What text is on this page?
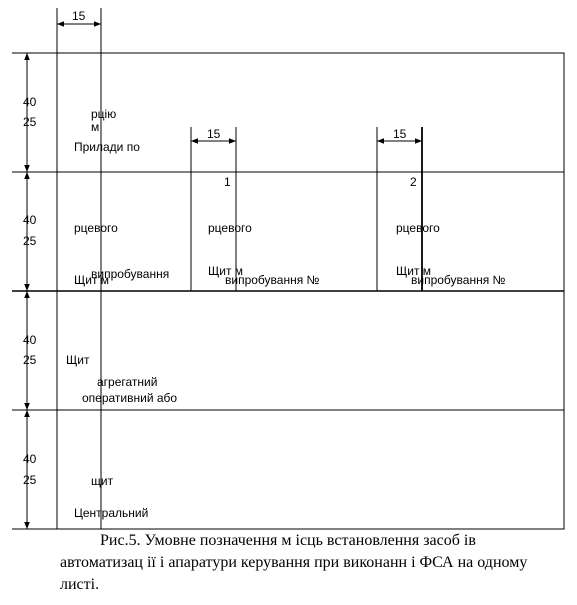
15
15	15
40
25
рцію
м
Прилади по
40
25
рцевого
випробування
Щит м
1
рцевого
Щит м
випробування №
2
рцевого
Щит м
випробування №
40
25 Щит
агрегатний
оперативний або
40
25	щит
Центральний
Рис.5. Умовне позначення м ісць встановлення засоб ів автоматизац ії і апаратури керування при виконанн і ФСА на одному листі.
